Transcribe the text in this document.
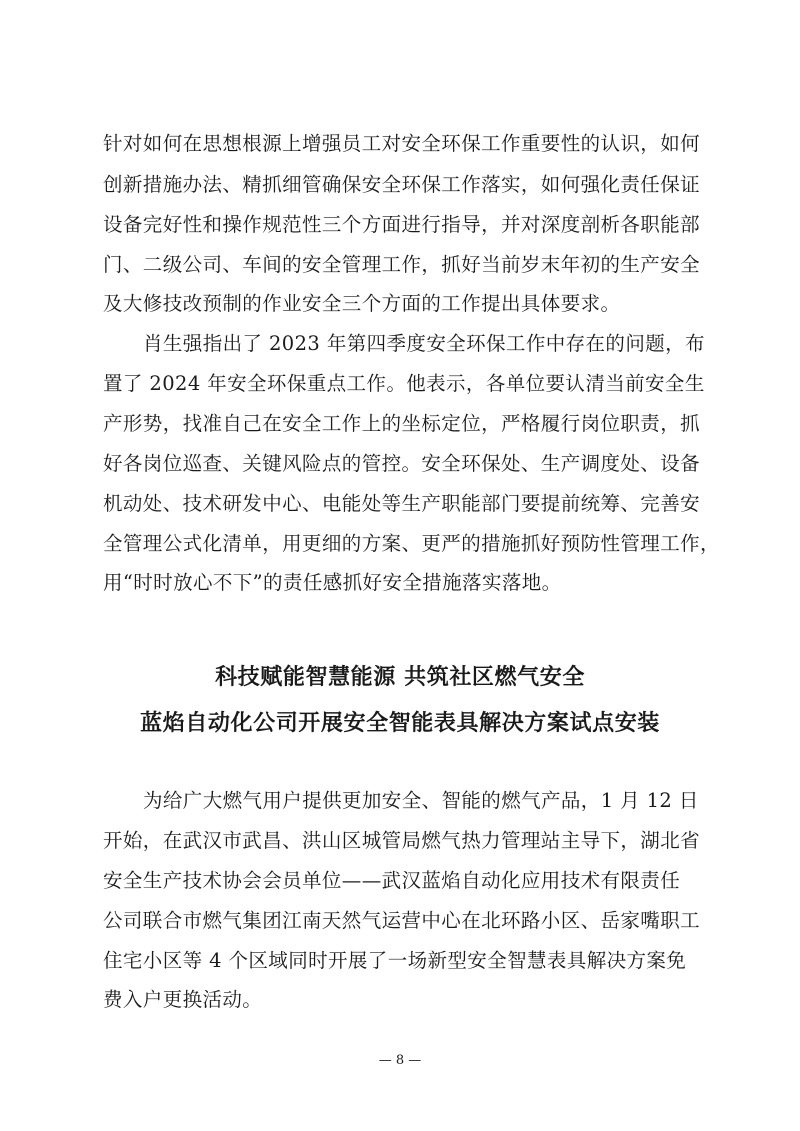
针对如何在思想根源上增强员工对安全环保工作重要性的认识，如何
创新措施办法、精抓细管确保安全环保工作落实，如何强化责任保证
设备完好性和操作规范性三个方面进行指导，并对深度剖析各职能部
门、二级公司、车间的安全管理工作，抓好当前岁末年初的生产安全
及大修技改预制的作业安全三个方面的工作提出具体要求。
肖生强指出了 2023 年第四季度安全环保工作中存在的问题，布
置了 2024 年安全环保重点工作。他表示，各单位要认清当前安全生
产形势，找准自己在安全工作上的坐标定位，严格履行岗位职责，抓
好各岗位巡查、关键风险点的管控。安全环保处、生产调度处、设备
机动处、技术研发中心、电能处等生产职能部门要提前统筹、完善安
全管理公式化清单，用更细的方案、更严的措施抓好预防性管理工作，
用“时时放心不下”的责任感抓好安全措施落实落地。
科技赋能智慧能源 共筑社区燃气安全
蓝焰自动化公司开展安全智能表具解决方案试点安装
为给广大燃气用户提供更加安全、智能的燃气产品，1 月 12 日
开始，在武汉市武昌、洪山区城管局燃气热力管理站主导下，湖北省
安全生产技术协会会员单位——武汉蓝焰自动化应用技术有限责任
公司联合市燃气集团江南天然气运营中心在北环路小区、岳家嘴职工
住宅小区等 4 个区域同时开展了一场新型安全智慧表具解决方案免
费入户更换活动。
— 8 —
